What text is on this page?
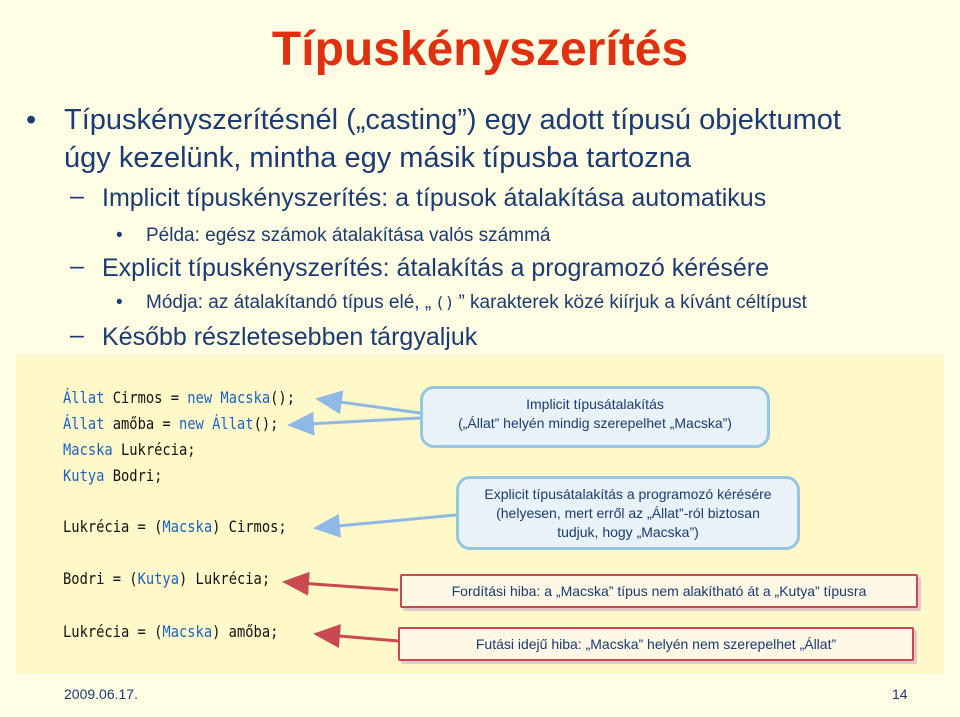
Típuskényszerítés
• Típuskényszerítésnél („casting”) egy adott típusú objektumot
úgy kezelünk, mintha egy másik típusba tartozna
– Implicit típuskényszerítés: a típusok átalakítása automatikus
• Példa: egész számok átalakítása valós számmá
– Explicit típuskényszerítés: átalakítás a programozó kérésére
• Módja: az átalakítandó típus elé, „ () ” karakterek közé kiírjuk a kívánt céltípust
– Később részletesebben tárgyaljuk
Állat Cirmos = new Macska();
Állat amőba = new Állat();
Macska Lukrécia;
Kutya Bodri;
Lukrécia = (Macska) Cirmos;
Bodri = (Kutya) Lukrécia;
Lukrécia = (Macska) amőba;
Implicit típusátalakítás
(„Állat” helyén mindig szerepelhet „Macska”)
Explicit típusátalakítás a programozó kérésére
(helyesen, mert erről az „Állat”-ról biztosan
tudjuk, hogy „Macska”)
Fordítási hiba: a „Macska” típus nem alakítható át a „Kutya” típusra
Futási idejű hiba: „Macska” helyén nem szerepelhet „Állat”
2009.06.17.	14
